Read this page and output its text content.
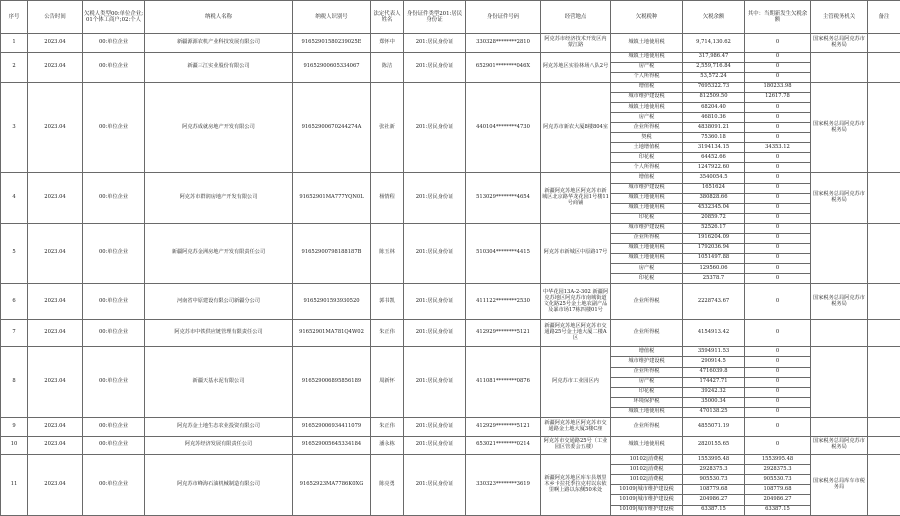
序号	公告时间	欠税人类型00:单位企业;01个体工商户;02:个人	纳税人名称	纳税人识别号	法定代表人姓名	身份证件类型201:居民身份证	身份证件号码	经营地点	欠税税种	欠税余额	其中：当期新发生欠税余额	主管税务机关	备注
1	2023.04	00:单位企业	新疆源源农机产业科技发展有限公司	91652901580239025E	郑怀中	201:居民身份证	330328********2810	阿克苏市经济技术开发区内蒙江路	城镇土地使用税	9,714,130.62	0	国家税务总局阿克苏市税务局	
2	2023.04	00:单位企业	新疆三江实业股份有限公司	91652900605334067	陈洁	201:居民身份证	652901********046X	阿克苏地区实验林场八队2号	城镇土地使用税	317,986.47	0		
									房产税	2,559,716.84	0		
									个人所得税	53,572.24	0		
3	2023.04	00:单位企业	阿克苏成就房地产开发有限公司	91652900670244274A	张社新	201:居民身份证	440104********4730	阿克苏市新农大厦8楼804室	增值税	7695322.73	180233.98	国家税务总局阿克苏市税务局	
									城市维护建设税	812509.50	12617.78		
									城镇土地使用税	68204.40	0		
									房产税	46810.36	0		
									企业所得税	4838091.21	0		
									契税	75360.18	0		
									土地增值税	3194134.15	34353.12		
									印花税	64452.66	0		
									个人所得税	1247922.60	0		
4	2023.04	00:单位企业	阿克苏市群润房地产开发有限公司	91652901MA777YQN0L	杨情程	201:居民身份证	513029********4654	新疆阿克苏地区阿克苏市新城区北京路华龙花园1号楼11号商铺	增值税	3540054.5	0	国家税务总局阿克苏市税务局	
									城市维护建设税	1651624	0		
									城镇土地使用税	380828.66	0		
									城镇土地使用税	4532345.04	0		
									印花税	20859.72	0		
5	2023.04	00:单位企业	新疆阿克苏金洲房地产开发有限责任公司	91652900798188187B	陈玉林	201:居民身份证	510304********4415	阿克苏市新城区中原路17号	城市维护建设税	52526.17	0		
									企业所得税	1916204.09	0		
									城镇土地使用税	1792036.94	0		
									城镇土地使用税	1051497.88	0		
									房产税	129560.06	0		
									印花税	25378.7	0		
6	2023.04	00:单位企业	河南省中原建设有限公司新疆分公司	91652901593930520	郭书凯	201:居民身份证	411122********2530	中华花园13A-2-302 新疆阿克苏地区阿克苏市南城街道文化路25号金土地农副产品及暴市场17栋四楼01号	企业所得税	2228743.67	0	国家税务总局阿克苏市税务局	
7	2023.04	00:单位企业	阿克苏市中铁供应链管理有限责任公司	91652901MA781Q4W02	朱正伟	201:居民身份证	412929********5121	新疆阿克苏地区阿克苏市交通路25号金土地大厦二楼A区	企业所得税	4154913.42	0		
8	2023.04	00:单位企业	新疆天基水泥有限公司	916529006895856189	周新怀	201:居民身份证	411081********0876	阿克苏市工业园区内	增值税	3594911.53	0		
									城市维护建设税	290914.5	0		
									企业所得税	4716039.8	0		
									房产税	174427.71	0		
									印花税	39242.32	0		
									环境保护税	35000.34	0		
									城镇土地使用税	470138.25	0		
9	2023.04	00:单位企业	阿克苏金土地生态农业投资有限公司	916529006934411079	朱正伟	201:居民身份证	412929********5121	新疆阿克苏地区阿克苏市交通路金土地大厦3楼C座	企业所得税	4855071.19	0		
10	2023.04	00:单位企业	阿克苏经济发展有限责任公司	916529005645334184	潘永栋	201:居民身份证	653021********0214	阿克苏市交通路25号（工业园区管委会五楼）	城镇土地使用税	2820155.65	0	国家税务总局阿克苏市税务局	
11	2023.04	00:单位企业	阿克苏市峰海石油机械制造有限公司	91652923MA7786K0XG	陈亮勇	201:居民身份证	330323********3619	新疆阿克苏地区库车县墩里木乡卡拉托季拉克村以东依里啊上路以东侧50米处	10102|消费税	1553995.48	1553995.48	国家税务总局库车市税务局	
									10102|消费税	2928375.3	2928375.3		
									10102|消费税	905530.73	905530.73		
									10109|城市维护建设税	108779.68	108779.68		
									10109|城市维护建设税	204986.27	204986.27		
									10109|城市维护建设税	63387.15	63387.15		
